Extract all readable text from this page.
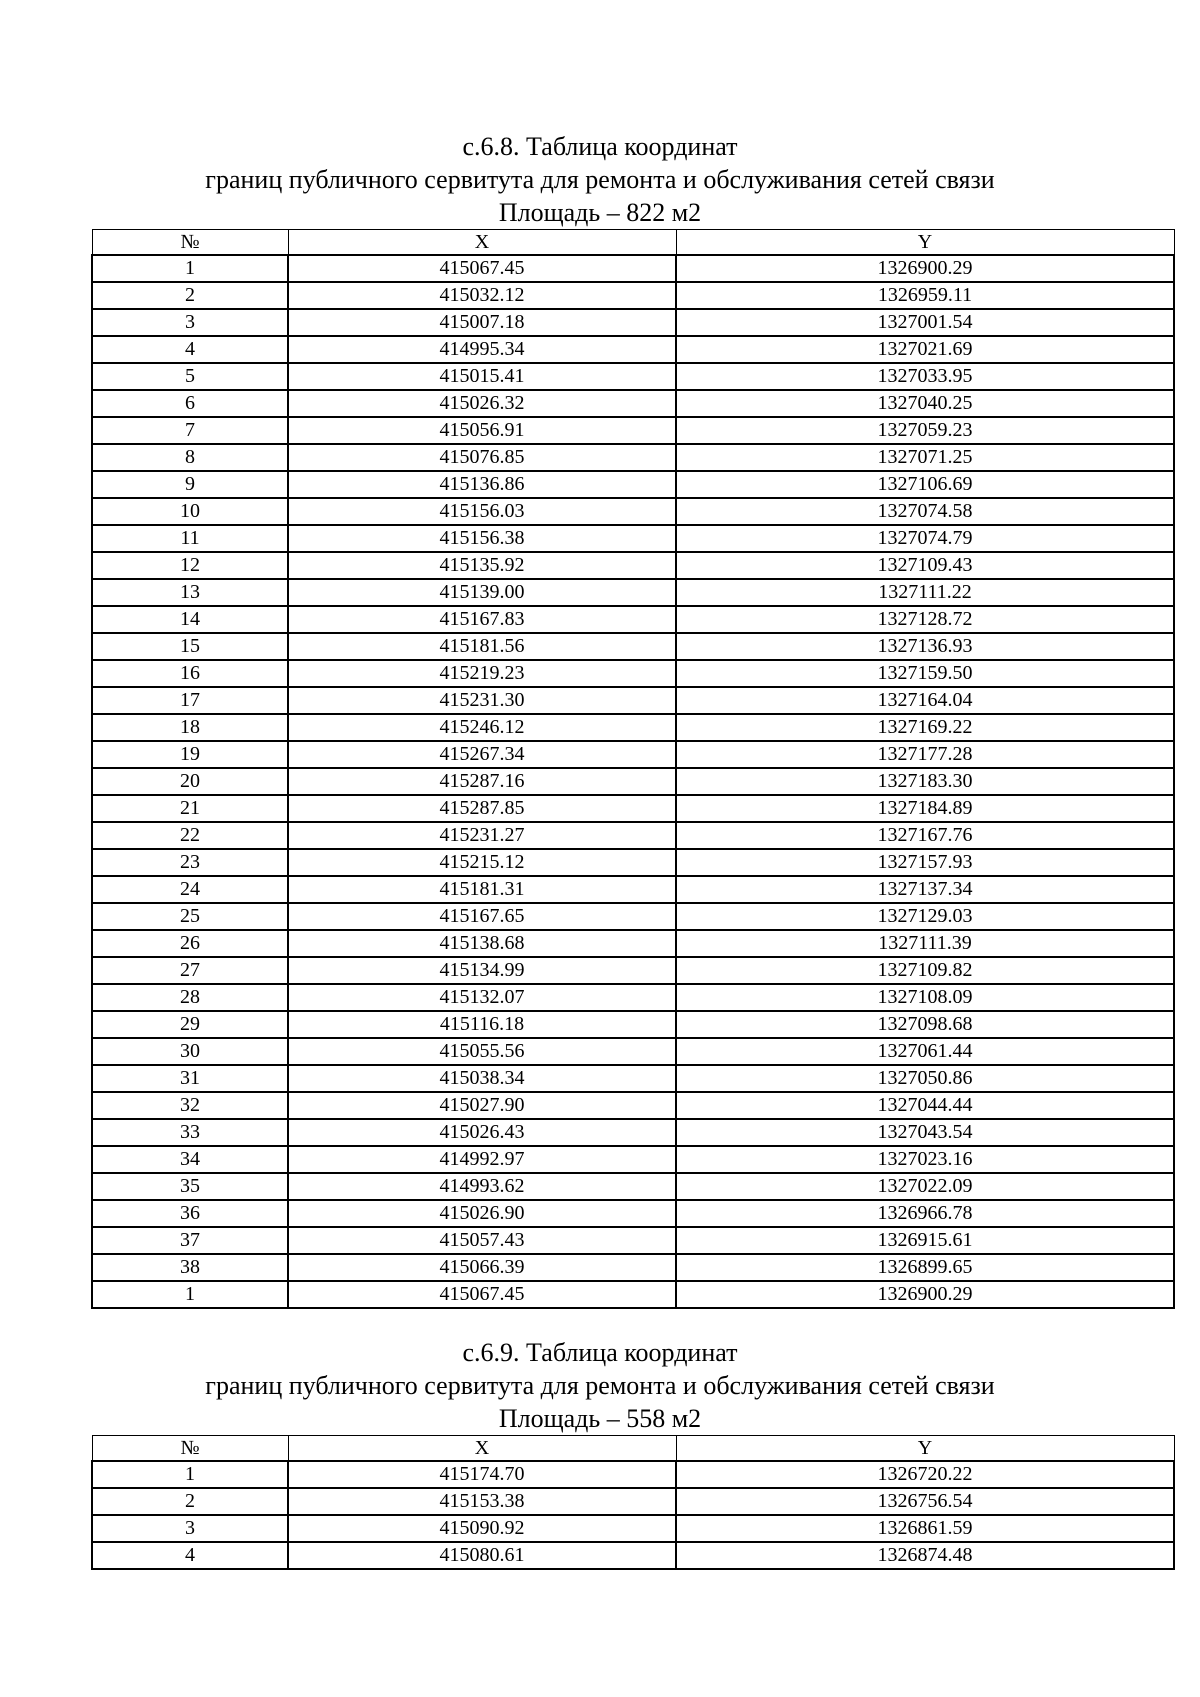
с.6.8. Таблица координат
границ публичного сервитута для ремонта и обслуживания сетей связи
Площадь – 822 м2
№	X	Y
1	415067.45	1326900.29
2	415032.12	1326959.11
3	415007.18	1327001.54
4	414995.34	1327021.69
5	415015.41	1327033.95
6	415026.32	1327040.25
7	415056.91	1327059.23
8	415076.85	1327071.25
9	415136.86	1327106.69
10	415156.03	1327074.58
11	415156.38	1327074.79
12	415135.92	1327109.43
13	415139.00	1327111.22
14	415167.83	1327128.72
15	415181.56	1327136.93
16	415219.23	1327159.50
17	415231.30	1327164.04
18	415246.12	1327169.22
19	415267.34	1327177.28
20	415287.16	1327183.30
21	415287.85	1327184.89
22	415231.27	1327167.76
23	415215.12	1327157.93
24	415181.31	1327137.34
25	415167.65	1327129.03
26	415138.68	1327111.39
27	415134.99	1327109.82
28	415132.07	1327108.09
29	415116.18	1327098.68
30	415055.56	1327061.44
31	415038.34	1327050.86
32	415027.90	1327044.44
33	415026.43	1327043.54
34	414992.97	1327023.16
35	414993.62	1327022.09
36	415026.90	1326966.78
37	415057.43	1326915.61
38	415066.39	1326899.65
1	415067.45	1326900.29
с.6.9. Таблица координат
границ публичного сервитута для ремонта и обслуживания сетей связи
Площадь – 558 м2
№	X	Y
1	415174.70	1326720.22
2	415153.38	1326756.54
3	415090.92	1326861.59
4	415080.61	1326874.48
